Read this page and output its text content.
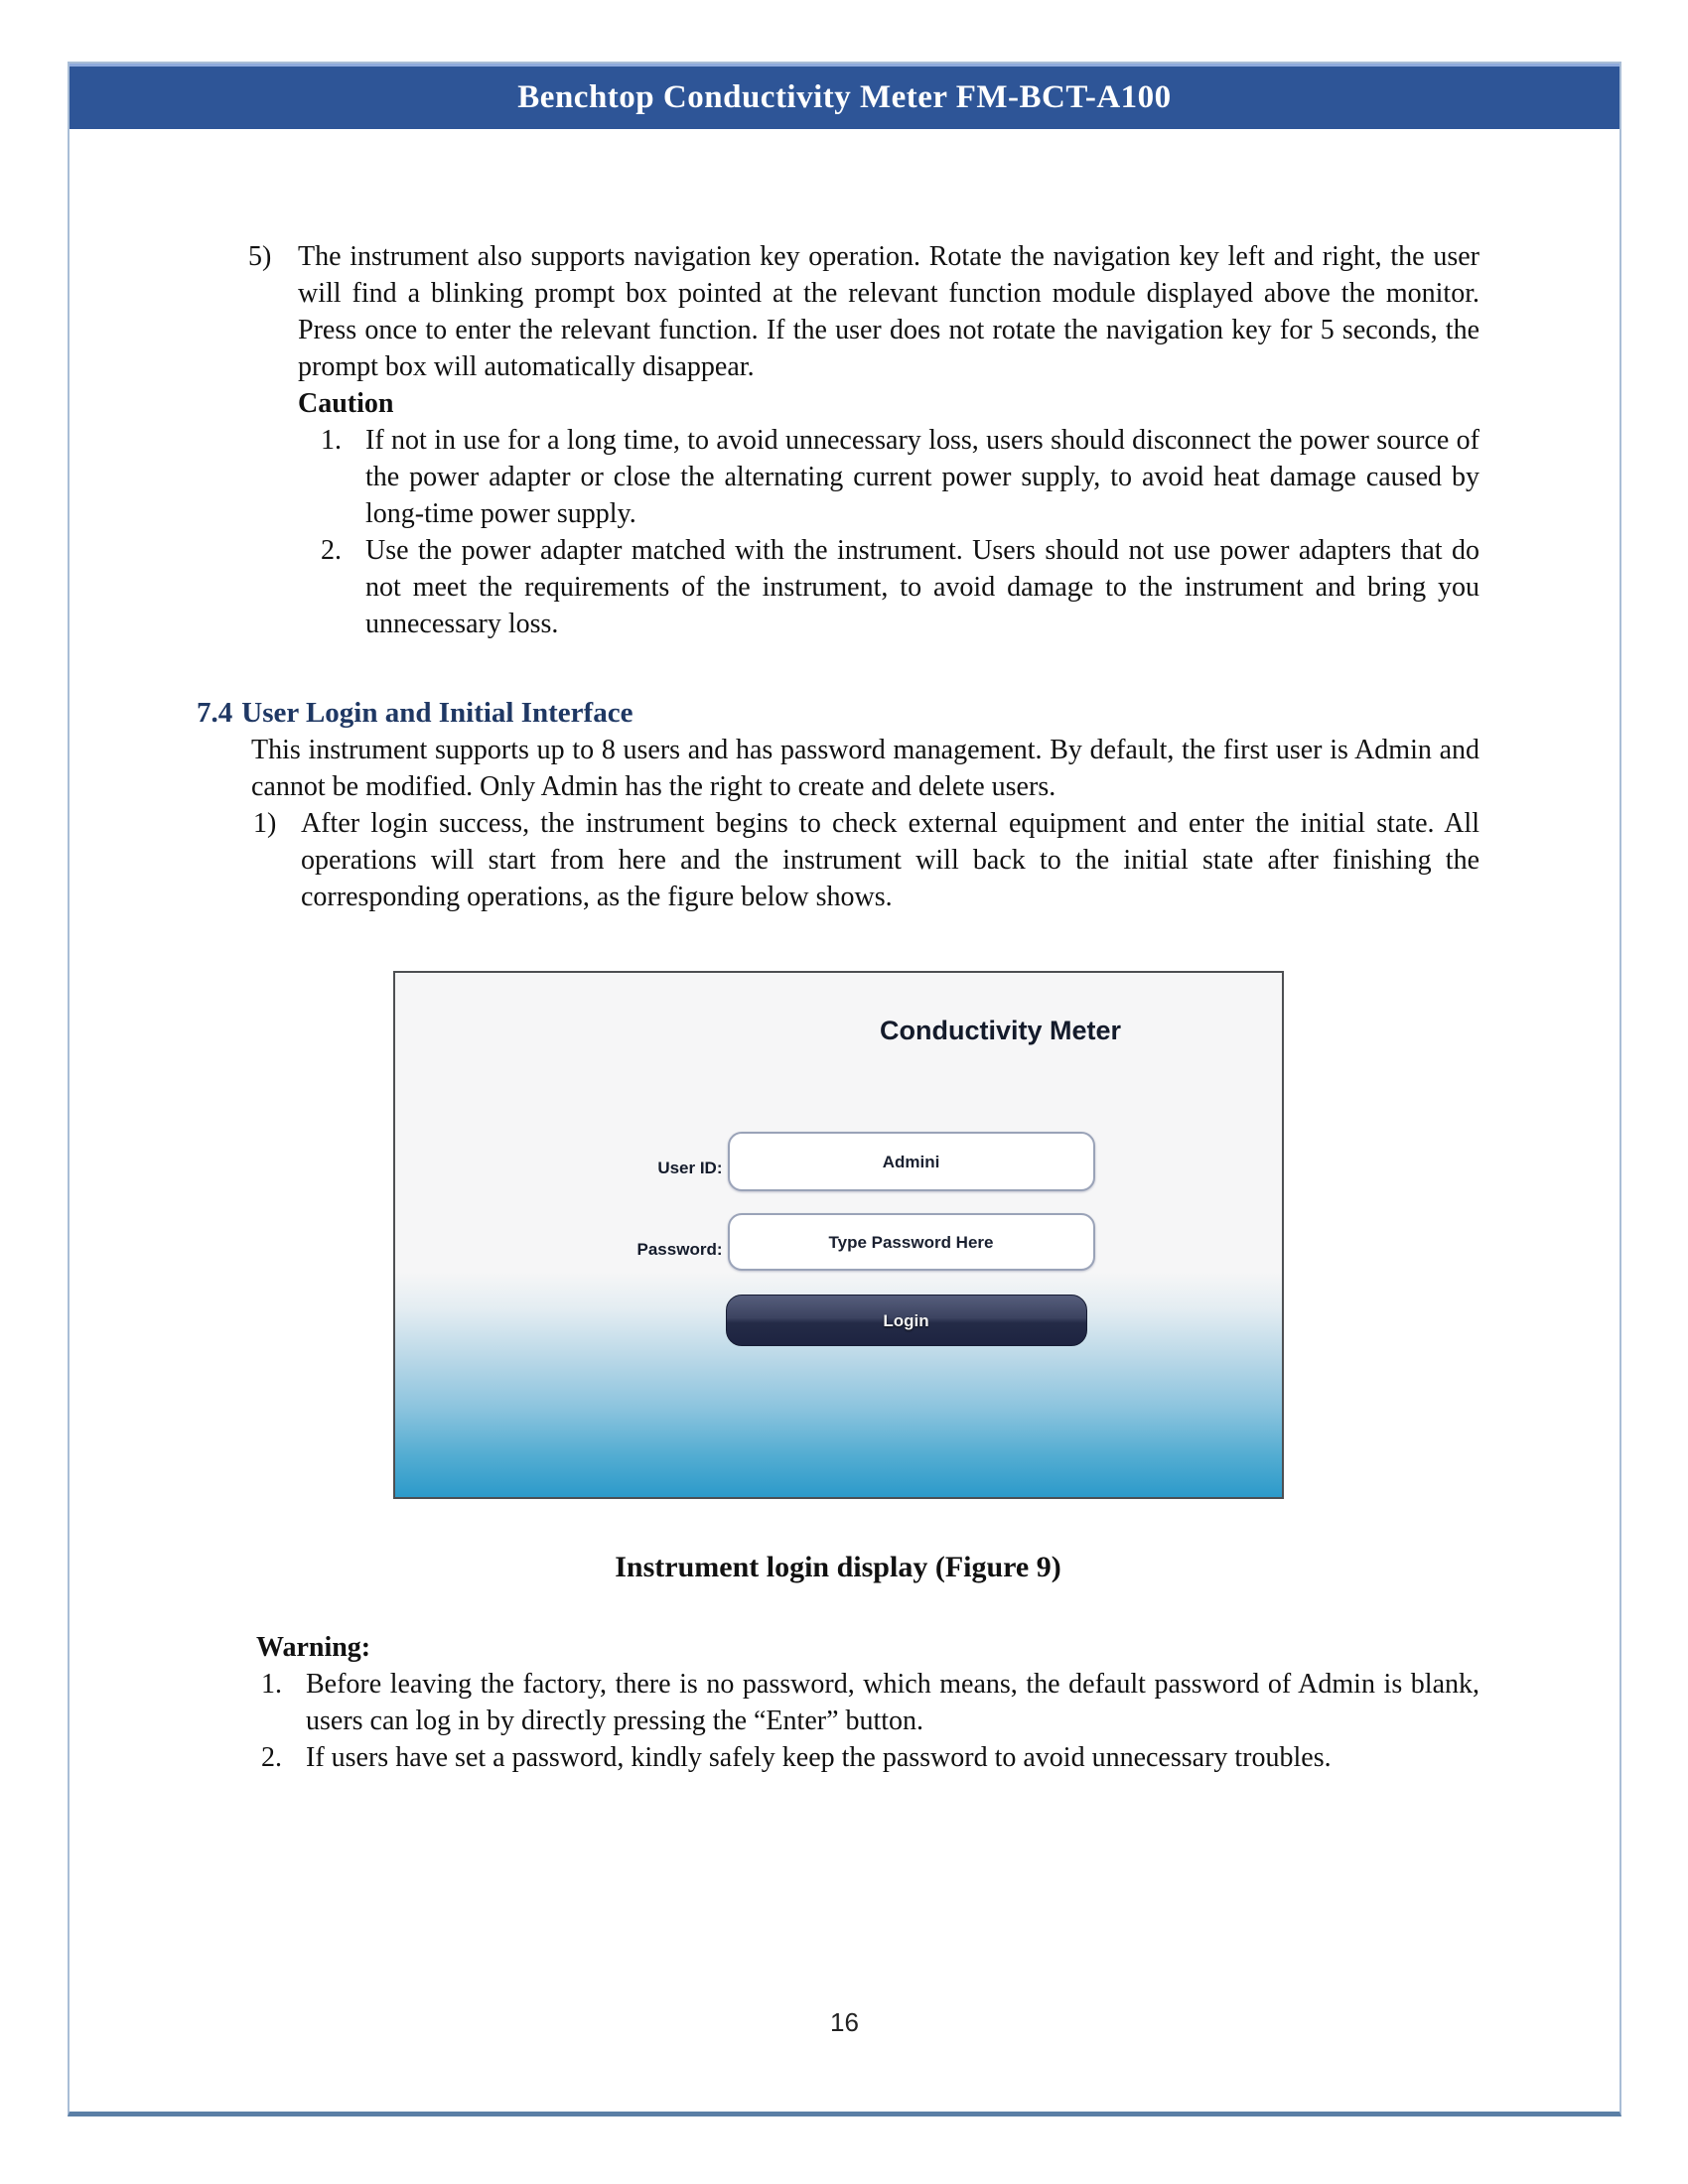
Benchtop Conductivity Meter FM-BCT-A100
5) The instrument also supports navigation key operation. Rotate the navigation key left and right, the user will find a blinking prompt box pointed at the relevant function module displayed above the monitor. Press once to enter the relevant function. If the user does not rotate the navigation key for 5 seconds, the prompt box will automatically disappear.
Caution
1. If not in use for a long time, to avoid unnecessary loss, users should disconnect the power source of the power adapter or close the alternating current power supply, to avoid heat damage caused by long-time power supply.
2. Use the power adapter matched with the instrument. Users should not use power adapters that do not meet the requirements of the instrument, to avoid damage to the instrument and bring you unnecessary loss.
7.4 User Login and Initial Interface
This instrument supports up to 8 users and has password management. By default, the first user is Admin and cannot be modified. Only Admin has the right to create and delete users.
1) After login success, the instrument begins to check external equipment and enter the initial state. All operations will start from here and the instrument will back to the initial state after finishing the corresponding operations, as the figure below shows.
Conductivity Meter
User ID:	Admini
Password:	Type Password Here
Login
Instrument login display (Figure 9)
Warning:
1. Before leaving the factory, there is no password, which means, the default password of Admin is blank, users can log in by directly pressing the “Enter” button.
2. If users have set a password, kindly safely keep the password to avoid unnecessary troubles.
16
